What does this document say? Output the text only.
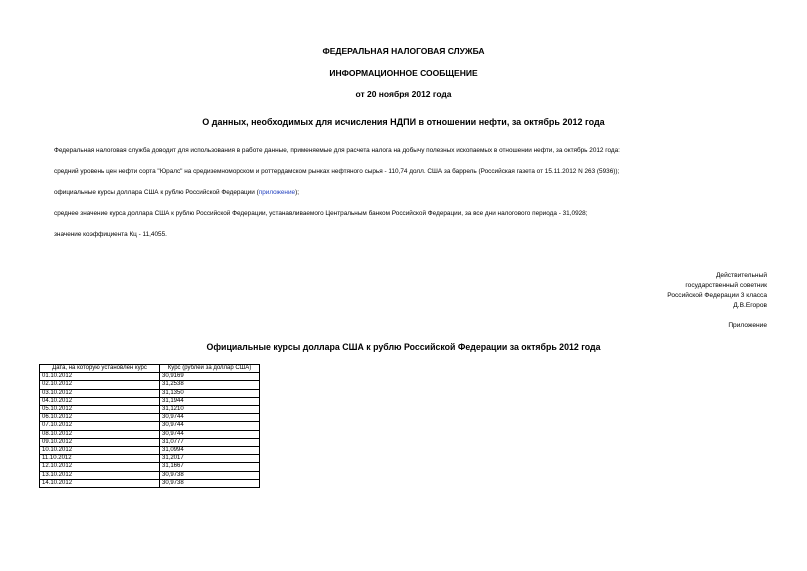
ФЕДЕРАЛЬНАЯ НАЛОГОВАЯ СЛУЖБА
ИНФОРМАЦИОННОЕ СООБЩЕНИЕ
от 20 ноября 2012 года
О данных, необходимых для исчисления НДПИ в отношении нефти, за октябрь 2012 года
Федеральная налоговая служба доводит для использования в работе данные, применяемые для расчета налога на добычу полезных ископаемых в отношении нефти, за октябрь 2012 года:
средний уровень цен нефти сорта "Юралс" на средиземноморском и роттердамском рынках нефтяного сырья - 110,74 долл. США за баррель (Российская газета от 15.11.2012 N 263 (5936));
официальные курсы доллара США к рублю Российской Федерации (приложение);
среднее значение курса доллара США к рублю Российской Федерации, устанавливаемого Центральным банком Российской Федерации, за все дни налогового периода - 31,0928;
значение коэффициента Кц - 11,4055.
Действительный
государственный советник
Российской Федерации 3 класса
Д.В.Егоров
Приложение
Официальные курсы доллара США к рублю Российской Федерации за октябрь 2012 года
Дата, на которую установлен курс	Курс (рублей за доллар США)
01.10.2012	30,9169
02.10.2012	31,2538
03.10.2012	31,1350
04.10.2012	31,1944
05.10.2012	31,1210
06.10.2012	30,9744
07.10.2012	30,9744
08.10.2012	30,9744
09.10.2012	31,0777
10.10.2012	31,0994
11.10.2012	31,2017
12.10.2012	31,1667
13.10.2012	30,9738
14.10.2012	30,9738
